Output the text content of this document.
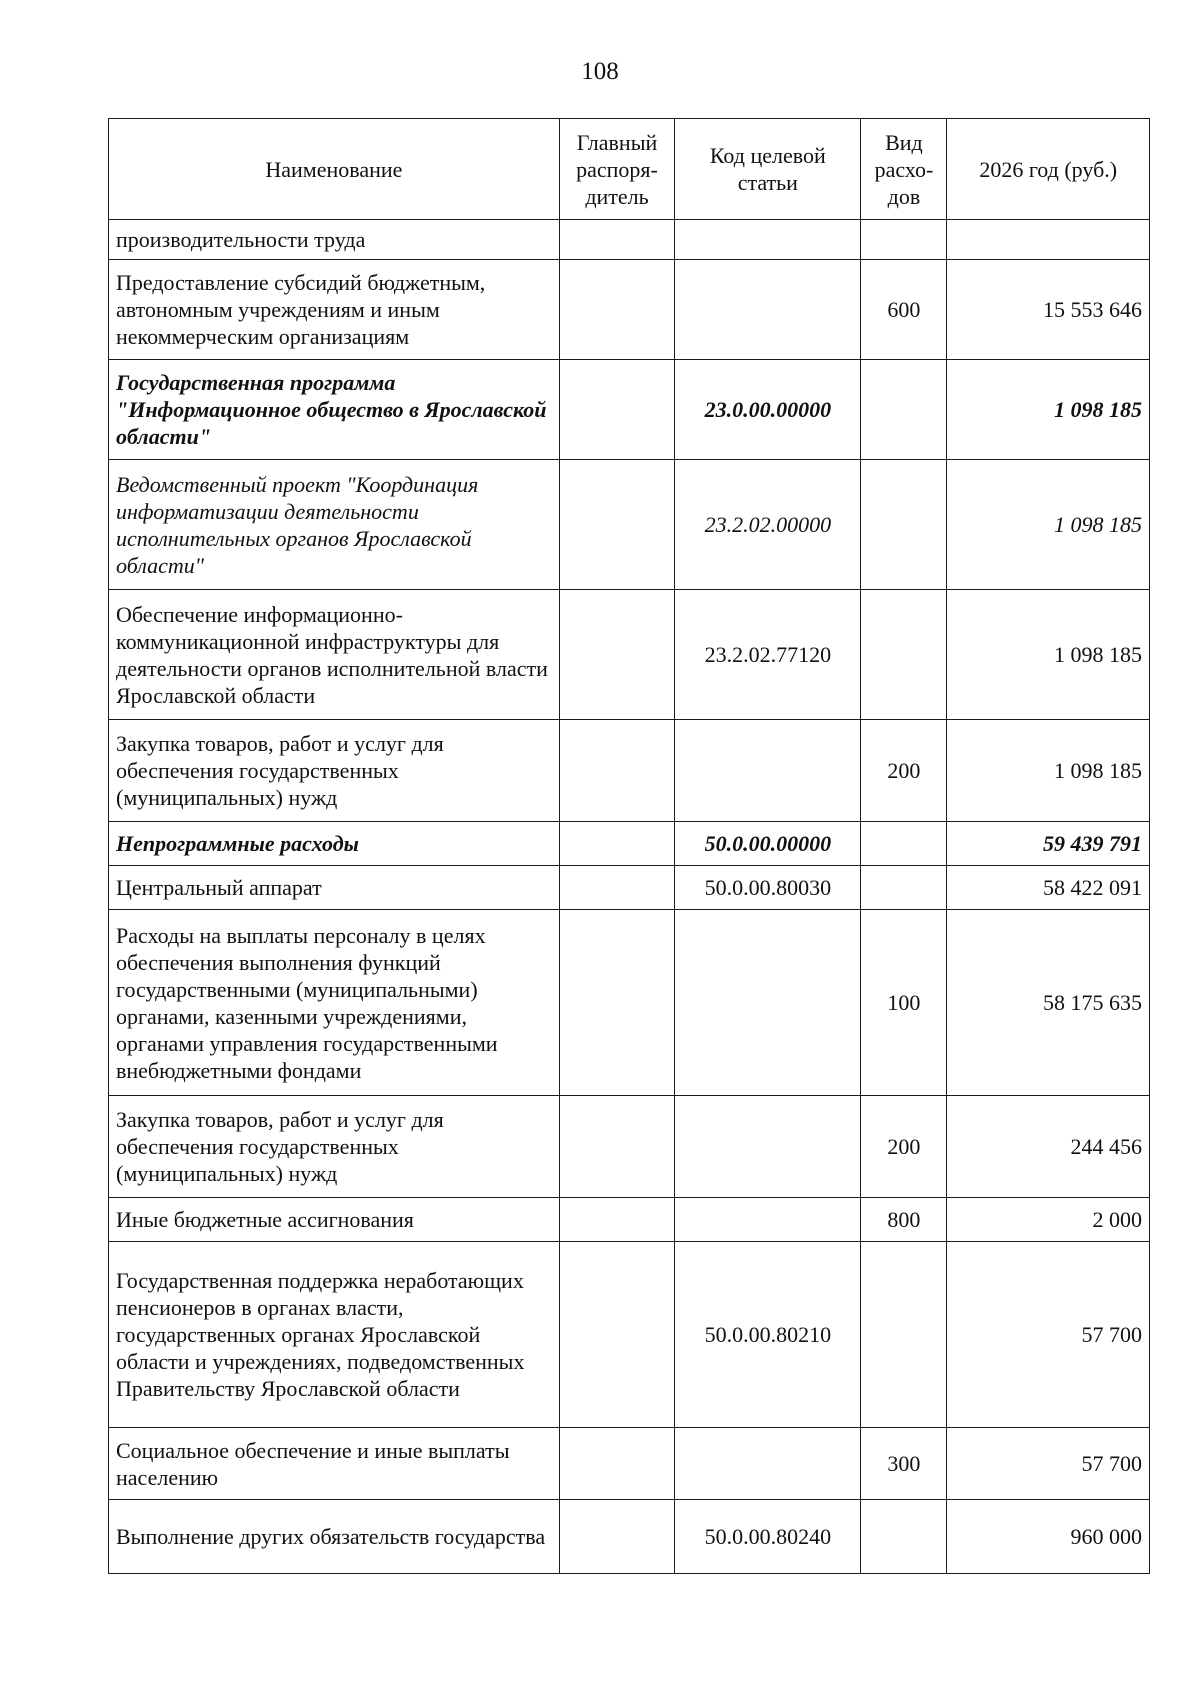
108
Наименование	Главный распоря-дитель	Код целевой статьи	Вид расхо-дов	2026 год (руб.)
производительности труда				
Предоставление субсидий бюджетным, автономным учреждениям и иным некоммерческим организациям			600	15 553 646
Государственная программа "Информационное общество в Ярославской области"		23.0.00.00000		1 098 185
Ведомственный проект "Координация информатизации деятельности исполнительных органов Ярославской области"		23.2.02.00000		1 098 185
Обеспечение информационно-коммуникационной инфраструктуры для деятельности органов исполнительной власти Ярославской области		23.2.02.77120		1 098 185
Закупка товаров, работ и услуг для обеспечения государственных (муниципальных) нужд			200	1 098 185
Непрограммные расходы		50.0.00.00000		59 439 791
Центральный аппарат		50.0.00.80030		58 422 091
Расходы на выплаты персоналу в целях обеспечения выполнения функций государственными (муниципальными) органами, казенными учреждениями, органами управления государственными внебюджетными фондами			100	58 175 635
Закупка товаров, работ и услуг для обеспечения государственных (муниципальных) нужд			200	244 456
Иные бюджетные ассигнования			800	2 000
Государственная поддержка неработающих пенсионеров в органах власти, государственных органах Ярославской области и учреждениях, подведомственных Правительству Ярославской области		50.0.00.80210		57 700
Социальное обеспечение и иные выплаты населению			300	57 700
Выполнение других обязательств государства		50.0.00.80240		960 000
